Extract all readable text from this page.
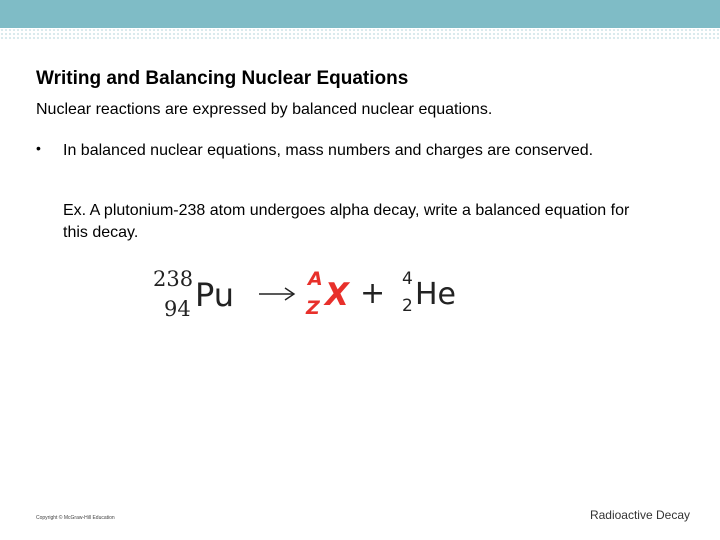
Writing and Balancing Nuclear Equations
Nuclear reactions are expressed by balanced nuclear equations.
• In balanced nuclear equations, mass numbers and charges are conserved.
Ex. A plutonium-238 atom undergoes alpha decay, write a balanced equation for this decay.
238
94 Pu →
A
Z X + 4
2 He
Copyright © McGraw-Hill Education	Radioactive Decay
